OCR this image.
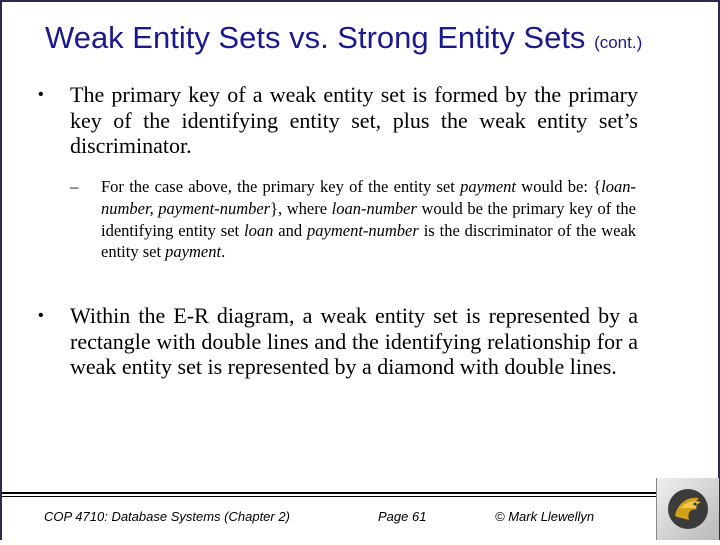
Weak Entity Sets vs. Strong Entity Sets (cont.)
•	The primary key of a weak entity set is formed by the primary key of the identifying entity set, plus the weak entity set’s discriminator.
–	For the case above, the primary key of the entity set payment would be: {loan-number, payment-number}, where loan-number would be the primary key of the identifying entity set loan and payment-number is the discriminator of the weak entity set payment.
•	Within the E-R diagram, a weak entity set is represented by a rectangle with double lines and the identifying relationship for a weak entity set is represented by a diamond with double lines.
COP 4710: Database Systems (Chapter 2)	Page 61	© Mark Llewellyn
